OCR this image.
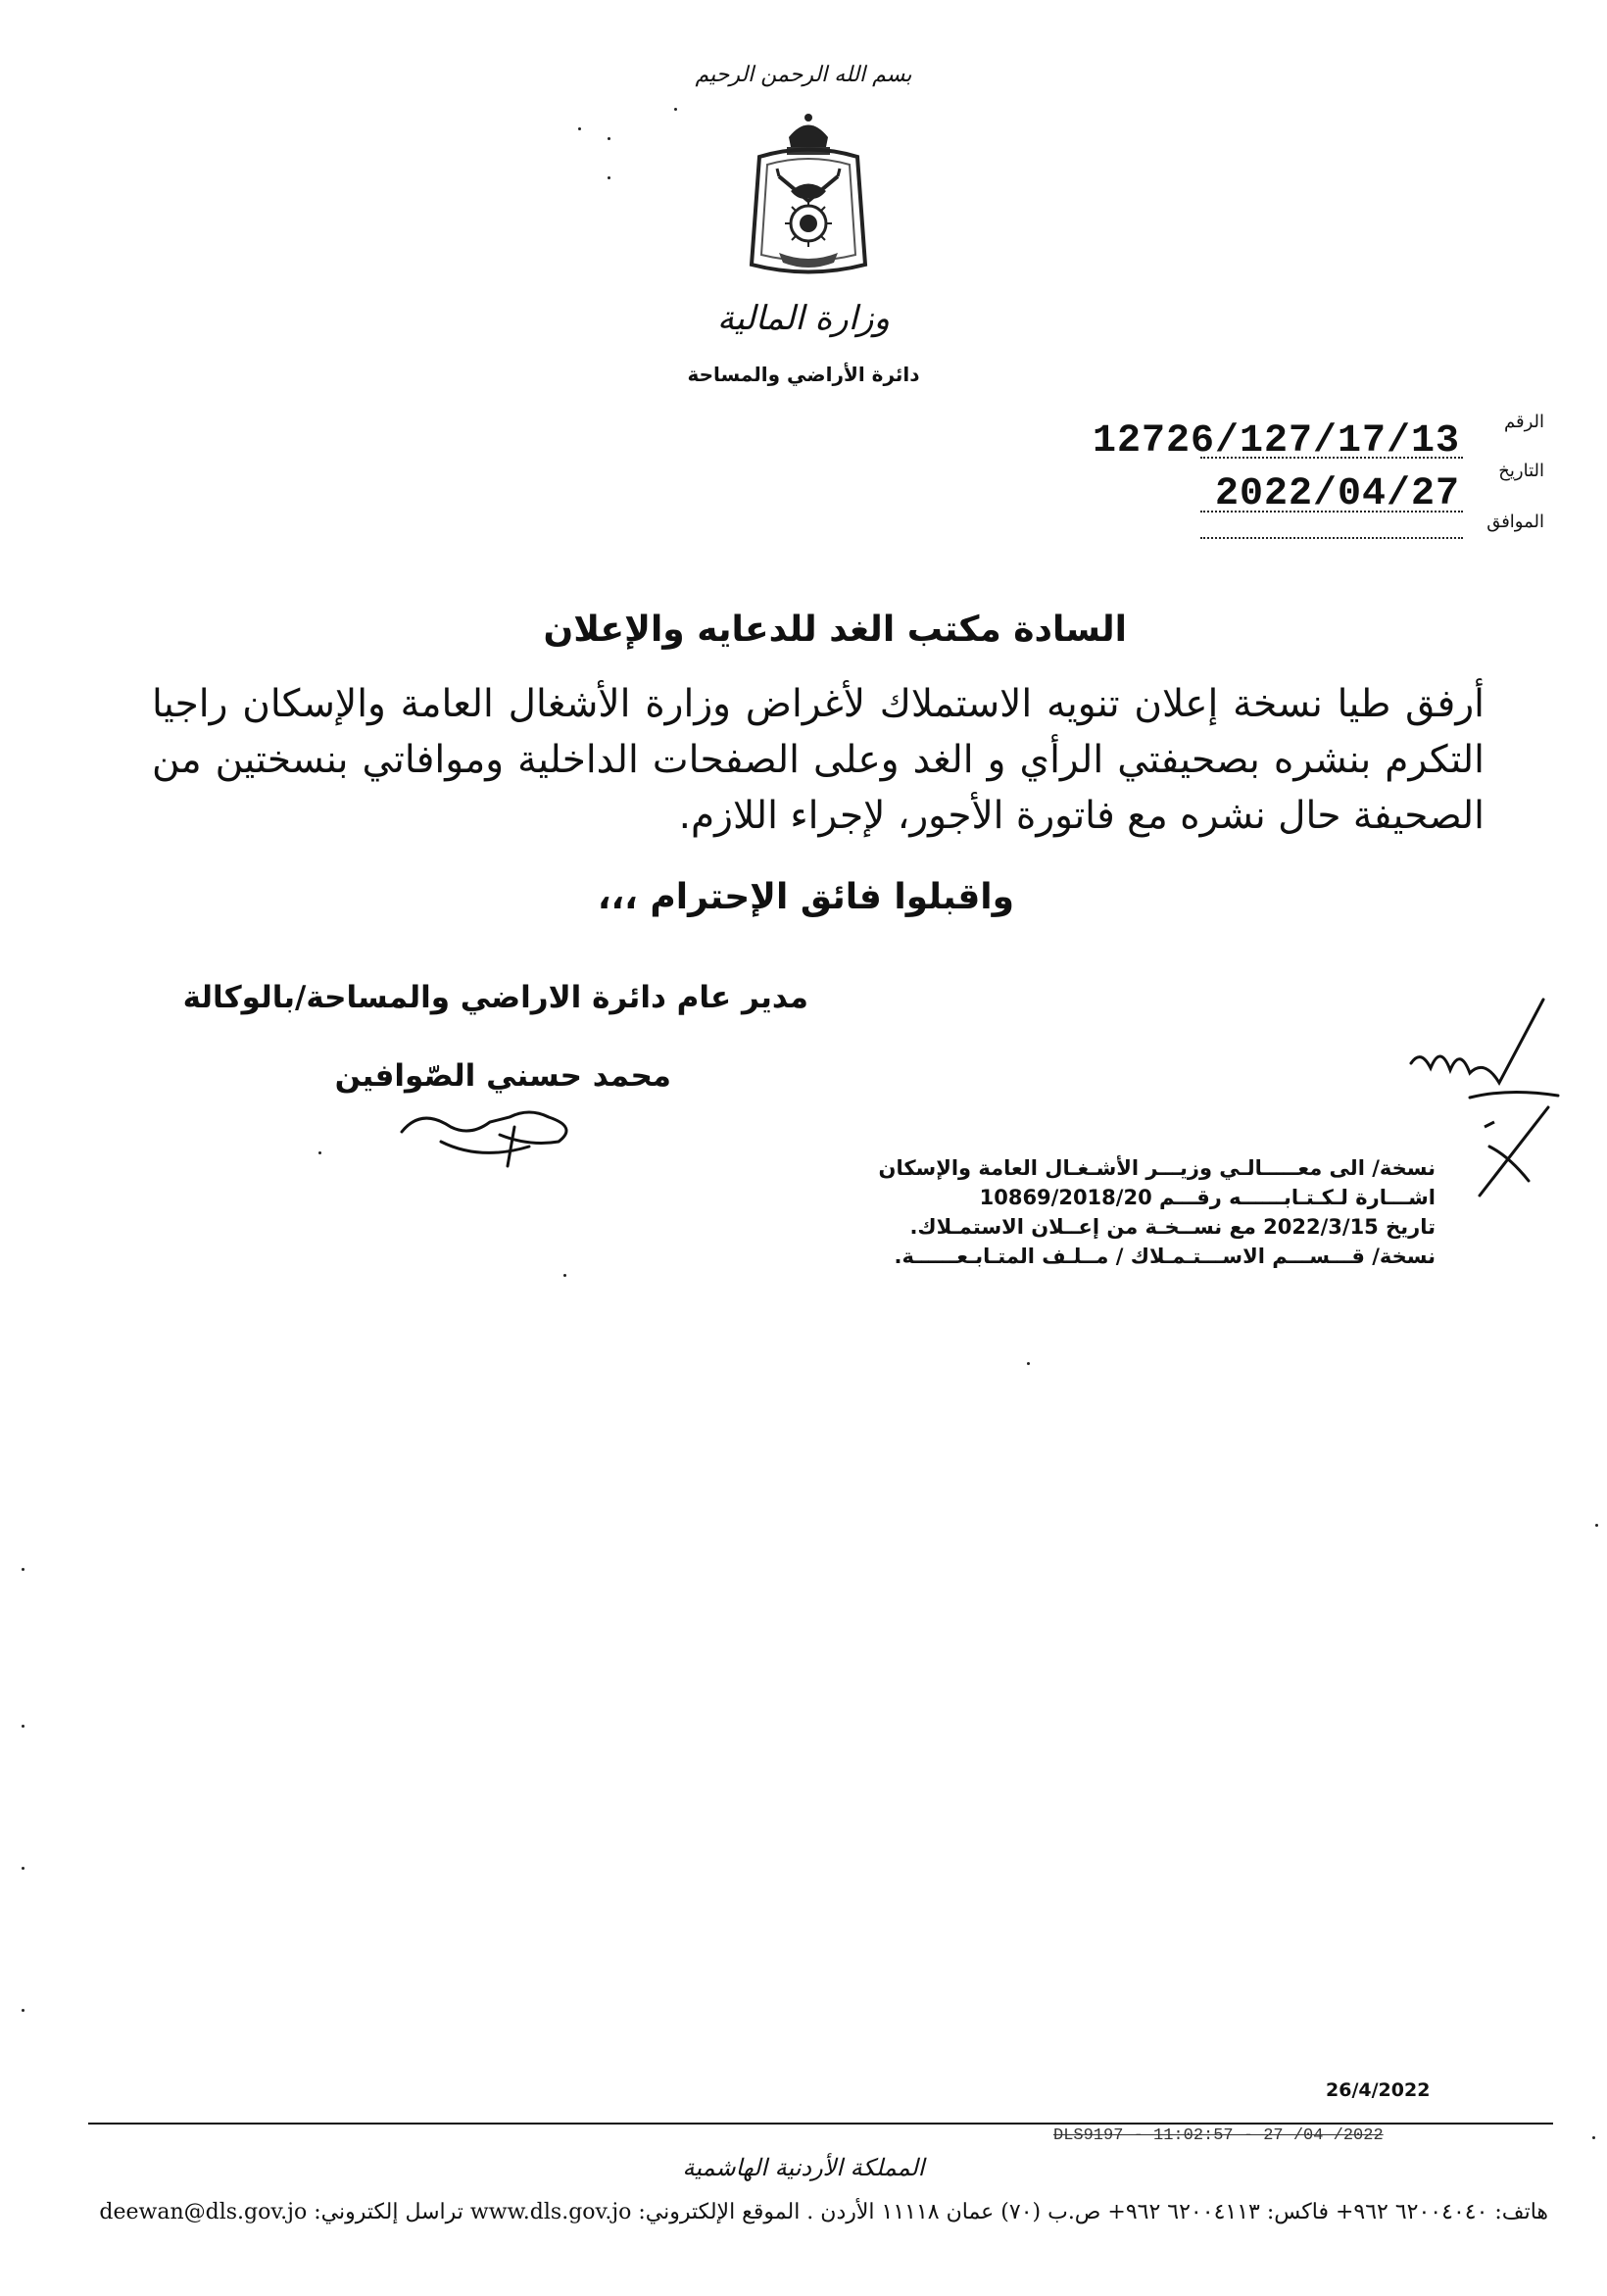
بسم الله الرحمن الرحيم
وزارة المالية
دائرة الأراضي والمساحة
الرقم
12726/127/17/13
التاريخ
2022/04/27
الموافق
السادة مكتب الغد للدعايه والإعلان
أرفق طيا نسخة إعلان تنويه الاستملاك لأغراض وزارة الأشغال العامة والإسكان راجيا التكرم بنشره بصحيفتي الرأي و الغد وعلى الصفحات الداخلية وموافاتي بنسختين من الصحيفة حال نشره مع فاتورة الأجور، لإجراء اللازم.
واقبلوا فائق الإحترام ،،،
مدير عام دائرة الاراضي والمساحة/بالوكالة
محمد حسني الصّوافين
نسخة/ الى معـــــالـي وزيـــر الأشـغـال العامة والإسكان
اشـــارة لـكـتـابــــــه رقـــم 10869/2018/20
تاريخ 2022/3/15 مع نســخـة من إعــلان الاستمـلاك.
نسخة/ قـــســـم الاســـتـمـلاك / مــلـف المتـابـعــــــة.
26/4/2022
DLS9197 - 11:02:57 - 27 /04 /2022
المملكة الأردنية الهاشمية
هاتف: ٦٢٠٠٤٠٤٠ ٩٦٢+ فاكس: ٦٢٠٠٤١١٣ ٩٦٢+ ص.ب (٧٠) عمان ١١١١٨ الأردن . الموقع الإلكتروني: www.dls.gov.jo تراسل إلكتروني: deewan@dls.gov.jo
